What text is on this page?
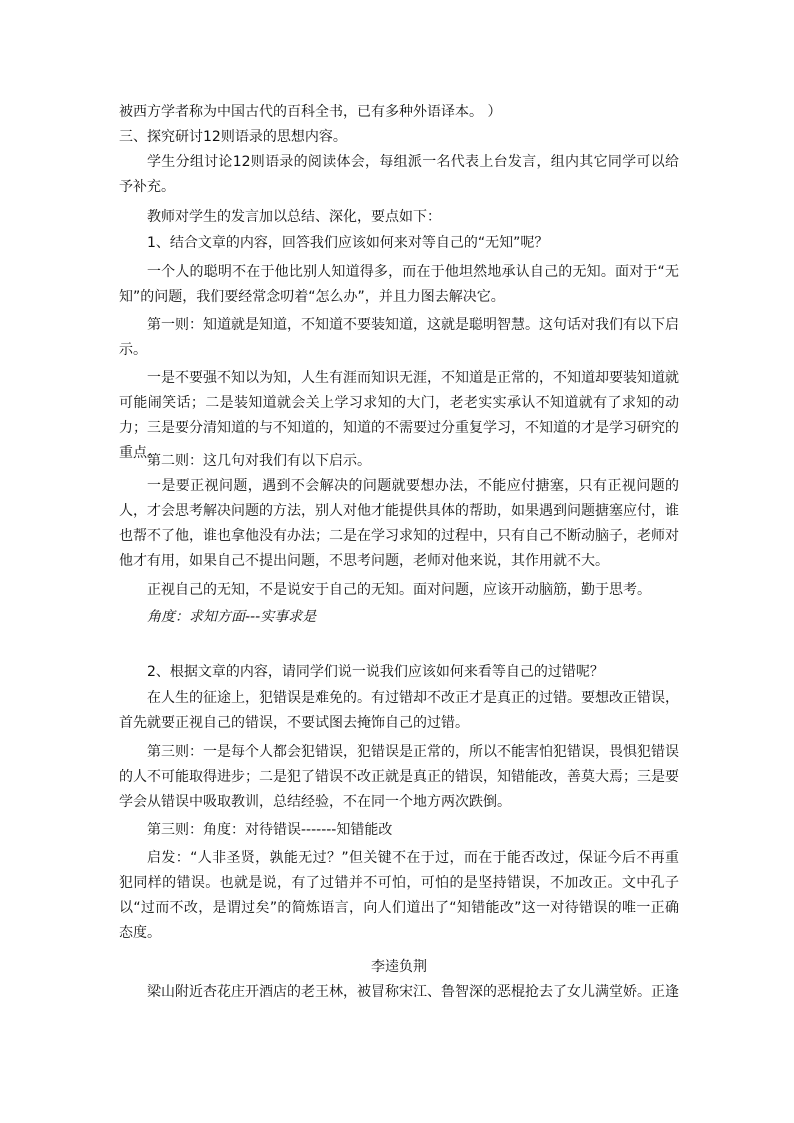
被西方学者称为中国古代的百科全书，已有多种外语译本。 ）

三、探究研讨12则语录的思想内容。

学生分组讨论12则语录的阅读体会，每组派一名代表上台发言，组内其它同学可以给予补充。

教师对学生的发言加以总结、深化，要点如下：

1、结合文章的内容，回答我们应该如何来对等自己的“无知”呢？

一个人的聪明不在于他比别人知道得多，而在于他坦然地承认自己的无知。面对于“无知”的问题，我们要经常念叨着“怎么办”，并且力图去解决它。

第一则：知道就是知道，不知道不要装知道，这就是聪明智慧。这句话对我们有以下启示。

一是不要强不知以为知，人生有涯而知识无涯，不知道是正常的，不知道却要装知道就可能闹笑话；二是装知道就会关上学习求知的大门，老老实实承认不知道就有了求知的动力；三是要分清知道的与不知道的，知道的不需要过分重复学习，不知道的才是学习研究的重点。

第二则：这几句对我们有以下启示。

一是要正视问题，遇到不会解决的问题就要想办法，不能应付搪塞，只有正视问题的人，才会思考解决问题的方法，别人对他才能提供具体的帮助，如果遇到问题搪塞应付，谁也帮不了他，谁也拿他没有办法；二是在学习求知的过程中，只有自己不断动脑子，老师对他才有用，如果自己不提出问题，不思考问题，老师对他来说，其作用就不大。

正视自己的无知，不是说安于自己的无知。面对问题，应该开动脑筋，勤于思考。

角度：求知方面---实事求是

2、根据文章的内容，请同学们说一说我们应该如何来看等自己的过错呢？

在人生的征途上，犯错误是难免的。有过错却不改正才是真正的过错。要想改正错误，首先就要正视自己的错误，不要试图去掩饰自己的过错。

第三则：一是每个人都会犯错误，犯错误是正常的，所以不能害怕犯错误，畏惧犯错误的人不可能取得进步；二是犯了错误不改正就是真正的错误，知错能改，善莫大焉；三是要学会从错误中吸取教训，总结经验，不在同一个地方两次跌倒。

第三则：角度：对待错误-------知错能改

启发：“人非圣贤，孰能无过？”但关键不在于过，而在于能否改过，保证今后不再重犯同样的错误。也就是说，有了过错并不可怕，可怕的是坚持错误，不加改正。文中孔子以“过而不改，是谓过矣”的简炼语言，向人们道出了“知错能改”这一对待错误的唯一正确态度。

李逵负荆

梁山附近杏花庄开酒店的老王林，被冒称宋江、鲁智深的恶棍抢去了女儿满堂娇。正逢
